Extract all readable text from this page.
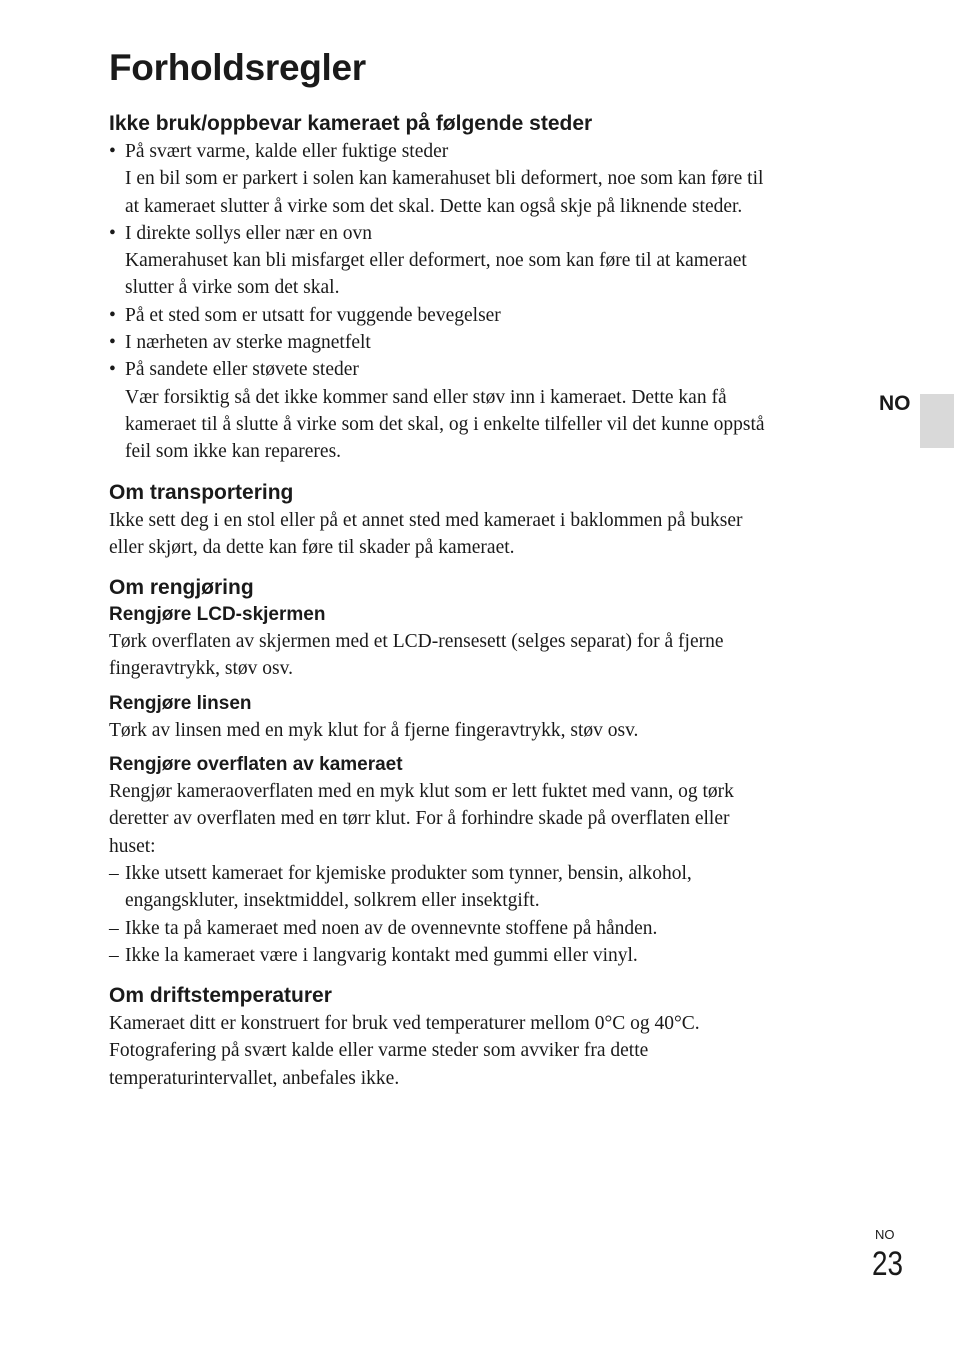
Forholdsregler
Ikke bruk/oppbevar kameraet på følgende steder
• På svært varme, kalde eller fuktige steder
I en bil som er parkert i solen kan kamerahuset bli deformert, noe som kan føre til
at kameraet slutter å virke som det skal. Dette kan også skje på liknende steder.
• I direkte sollys eller nær en ovn
Kamerahuset kan bli misfarget eller deformert, noe som kan føre til at kameraet
slutter å virke som det skal.
• På et sted som er utsatt for vuggende bevegelser
• I nærheten av sterke magnetfelt
• På sandete eller støvete steder
Vær forsiktig så det ikke kommer sand eller støv inn i kameraet. Dette kan få
kameraet til å slutte å virke som det skal, og i enkelte tilfeller vil det kunne oppstå
feil som ikke kan repareres.
Om transportering

Ikke sett deg i en stol eller på et annet sted med kameraet i baklommen på bukser
eller skjørt, da dette kan føre til skader på kameraet.

Om rengjøring
Rengjøre LCD-skjermen

Tørk overflaten av skjermen med et LCD-rensesett (selges separat) for å fjerne
fingeravtrykk, støv osv.

Rengjøre linsen

Tørk av linsen med en myk klut for å fjerne fingeravtrykk, støv osv.

Rengjøre overflaten av kameraet

Rengjør kameraoverflaten med en myk klut som er lett fuktet med vann, og tørk
deretter av overflaten med en tørr klut. For å forhindre skade på overflaten eller
huset:

– Ikke utsett kameraet for kjemiske produkter som tynner, bensin, alkohol,
engangskluter, insektmiddel, solkrem eller insektgift.
– Ikke ta på kameraet med noen av de ovennevnte stoffene på hånden.
– Ikke la kameraet være i langvarig kontakt med gummi eller vinyl.
Om driftstemperaturer

Kameraet ditt er konstruert for bruk ved temperaturer mellom 0°C og 40°C.
Fotografering på svært kalde eller varme steder som avviker fra dette
temperaturintervallet, anbefales ikke.

NO
NO
23
